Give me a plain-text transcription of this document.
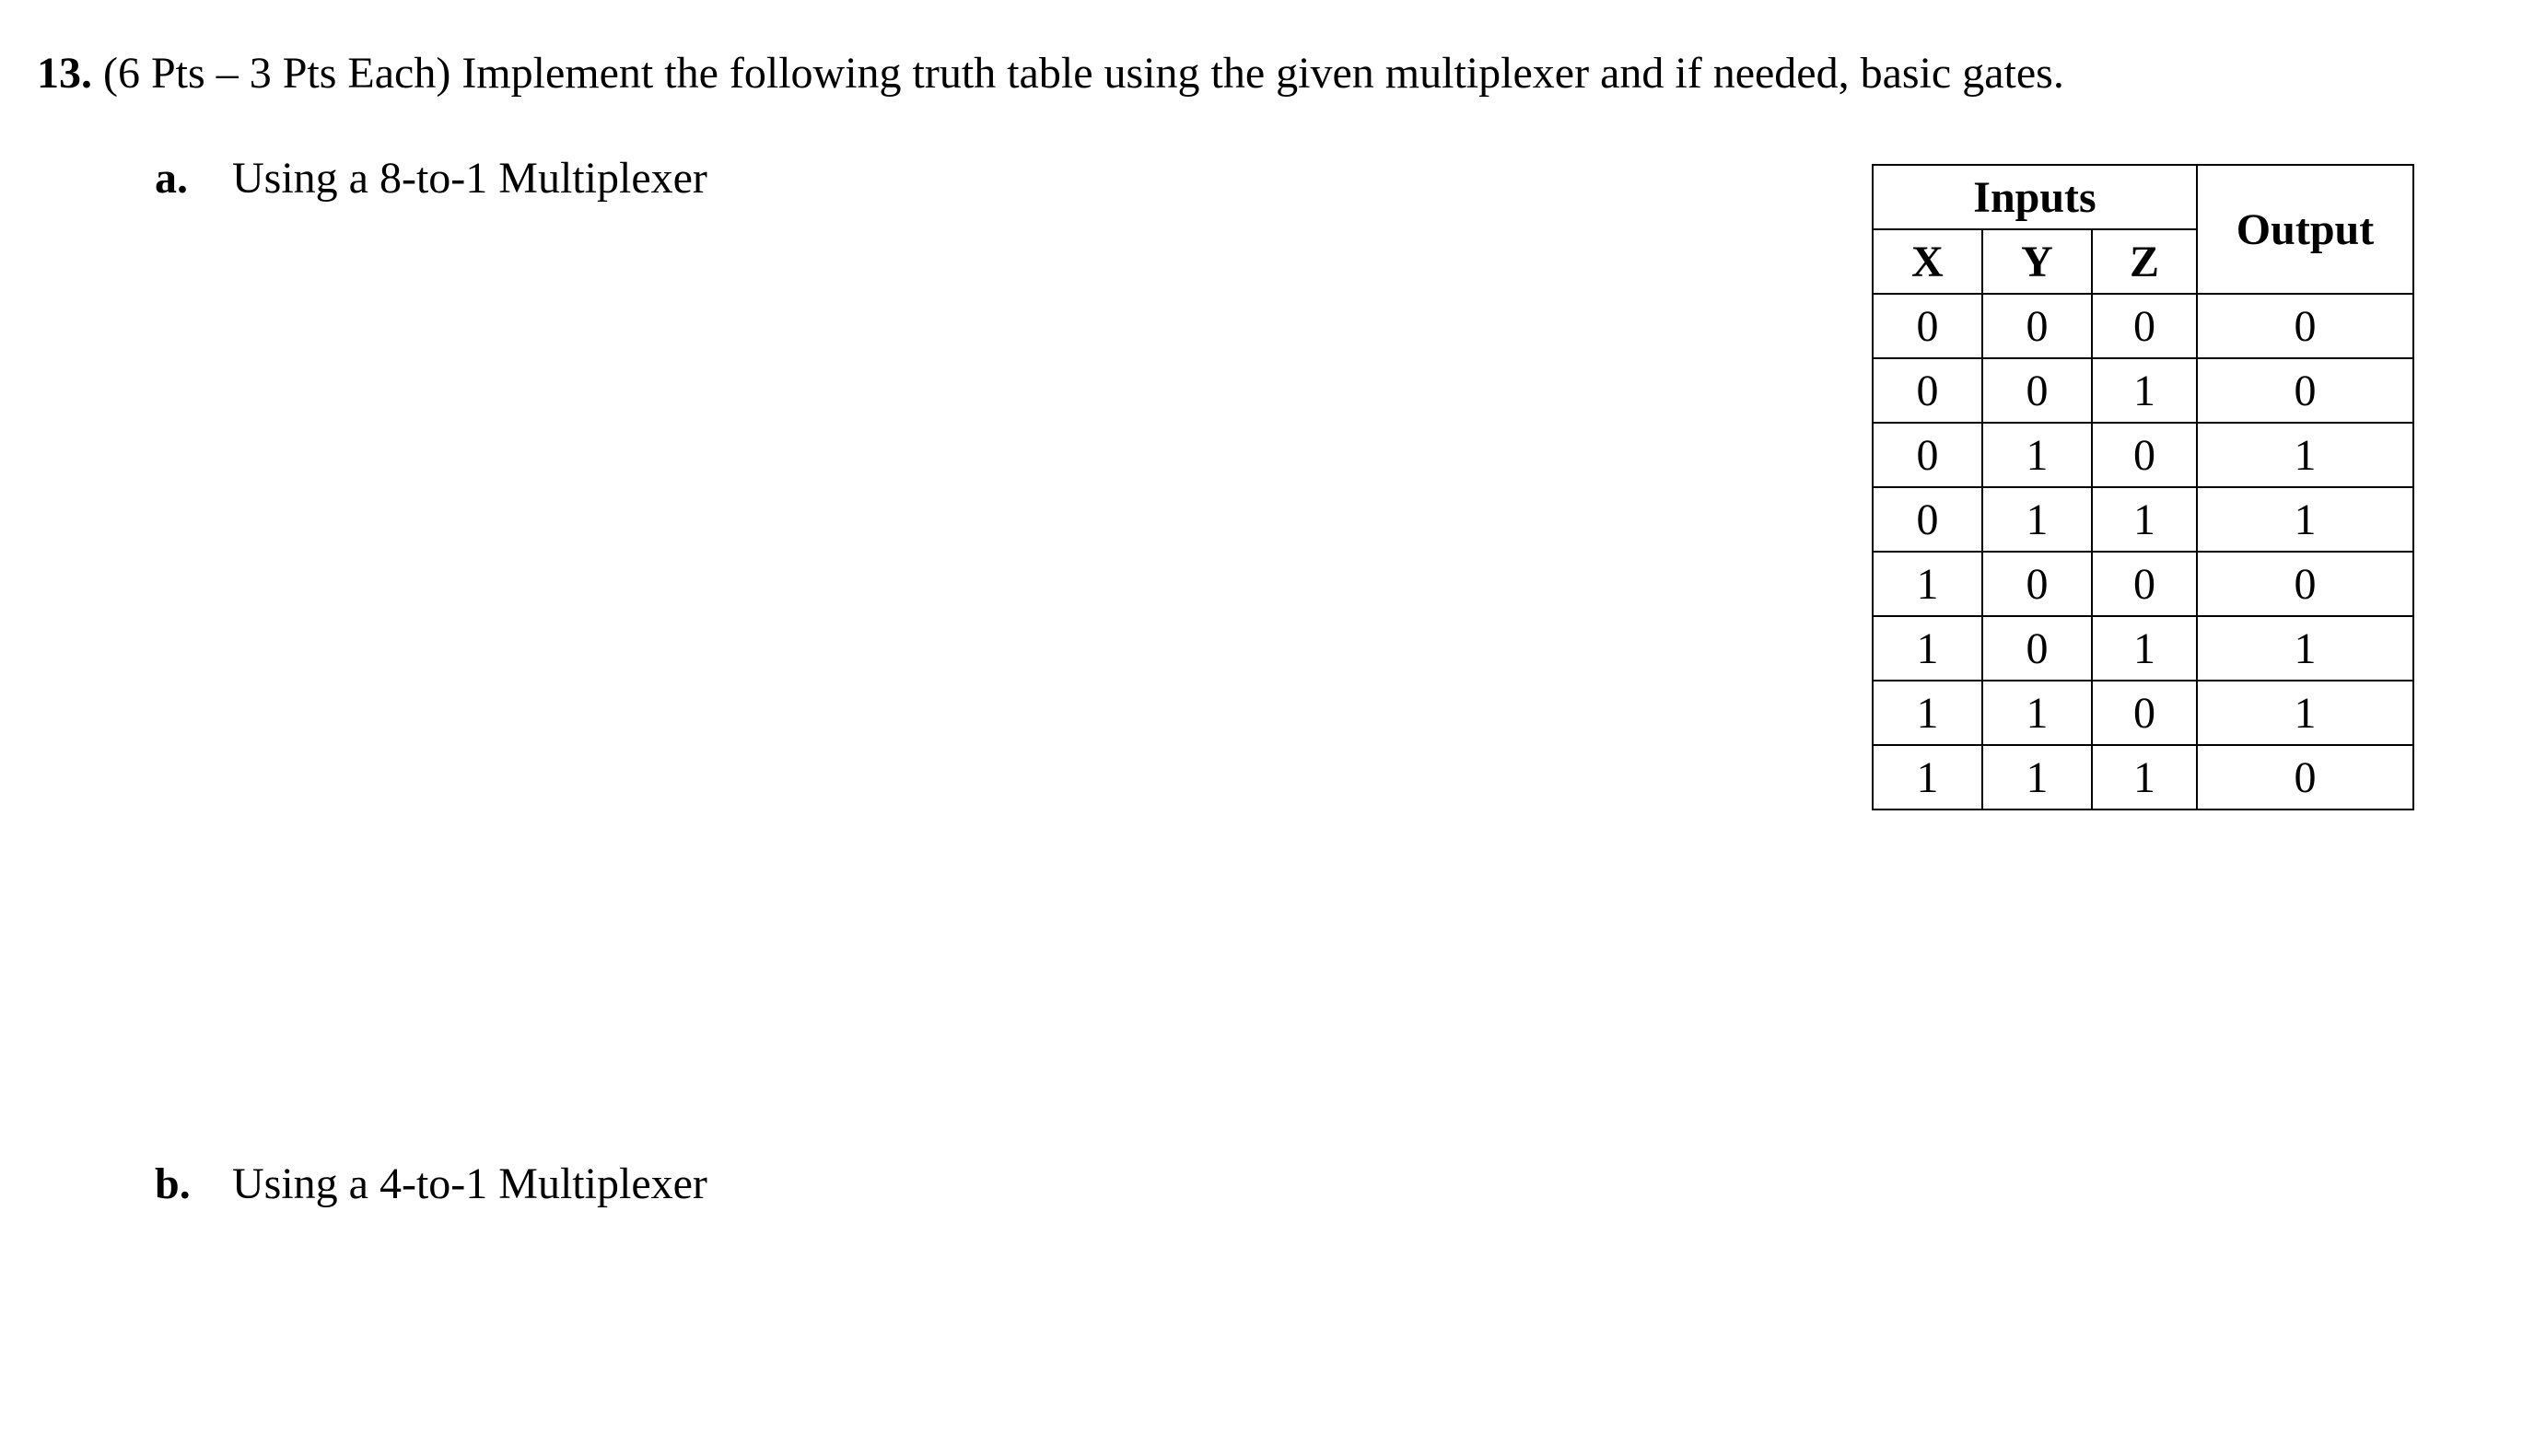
13. (6 Pts – 3 Pts Each) Implement the following truth table using the given multiplexer and if needed, basic gates.
a. Using a 8-to-1 Multiplexer
b. Using a 4-to-1 Multiplexer
Inputs			Output
X	Y	Z	
0	0	0	0
0	0	1	0
0	1	0	1
0	1	1	1
1	0	0	0
1	0	1	1
1	1	0	1
1	1	1	0
